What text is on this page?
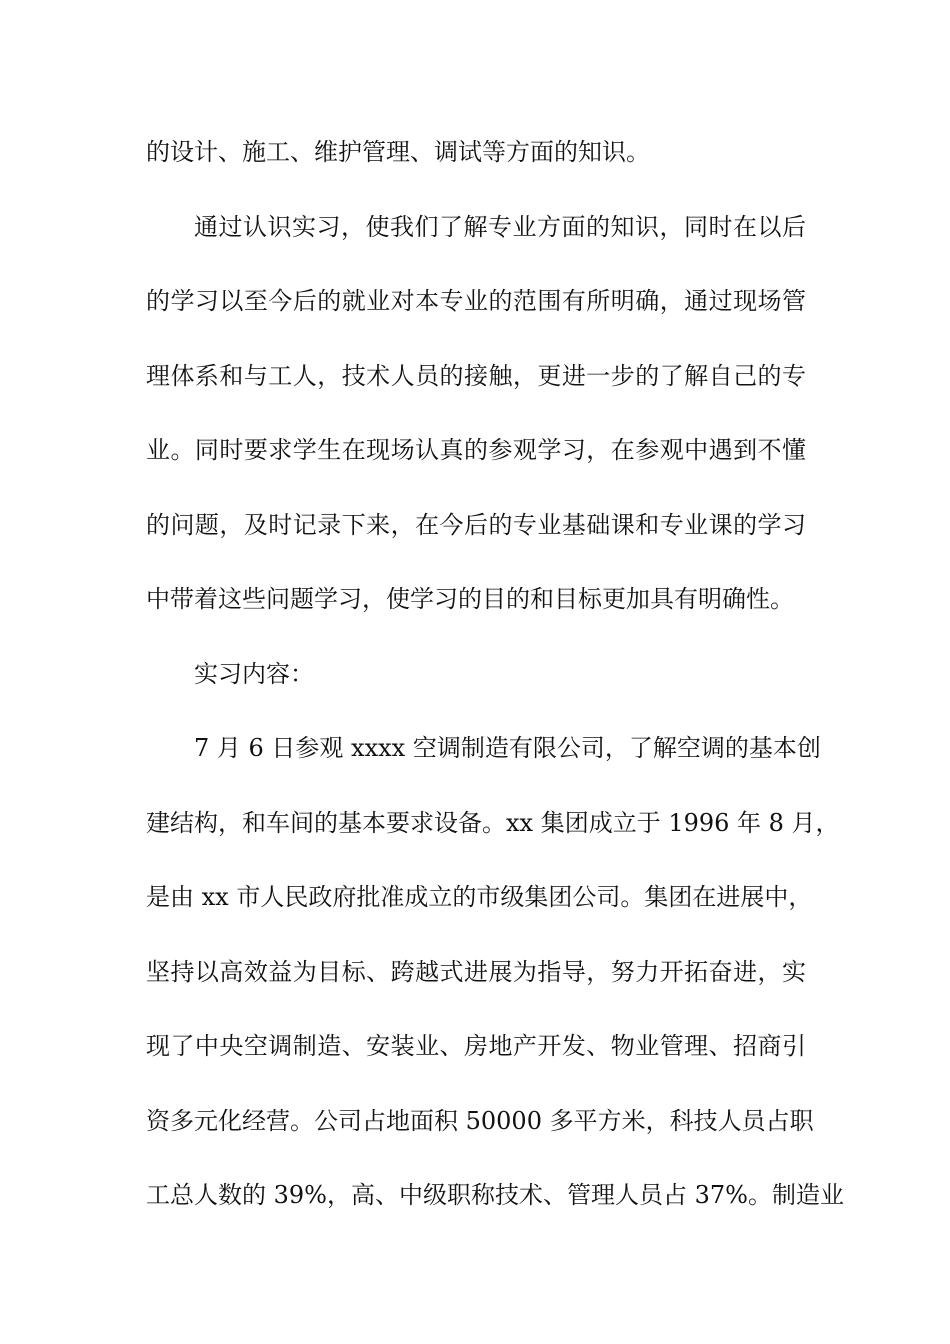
的设计、施工、维护管理、调试等方面的知识。
通过认识实习，使我们了解专业方面的知识，同时在以后
的学习以至今后的就业对本专业的范围有所明确，通过现场管
理体系和与工人，技术人员的接触，更进一步的了解自己的专
业。同时要求学生在现场认真的参观学习，在参观中遇到不懂
的问题，及时记录下来，在今后的专业基础课和专业课的学习
中带着这些问题学习，使学习的目的和目标更加具有明确性。
实习内容：
7 月 6 日参观 xxxx 空调制造有限公司，了解空调的基本创
建结构，和车间的基本要求设备。xx 集团成立于 1996 年 8 月，
是由 xx 市人民政府批准成立的市级集团公司。集团在进展中，
坚持以高效益为目标、跨越式进展为指导，努力开拓奋进，实
现了中央空调制造、安装业、房地产开发、物业管理、招商引
资多元化经营。公司占地面积 50000 多平方米，科技人员占职
工总人数的 39%，高、中级职称技术、管理人员占 37%。制造业
